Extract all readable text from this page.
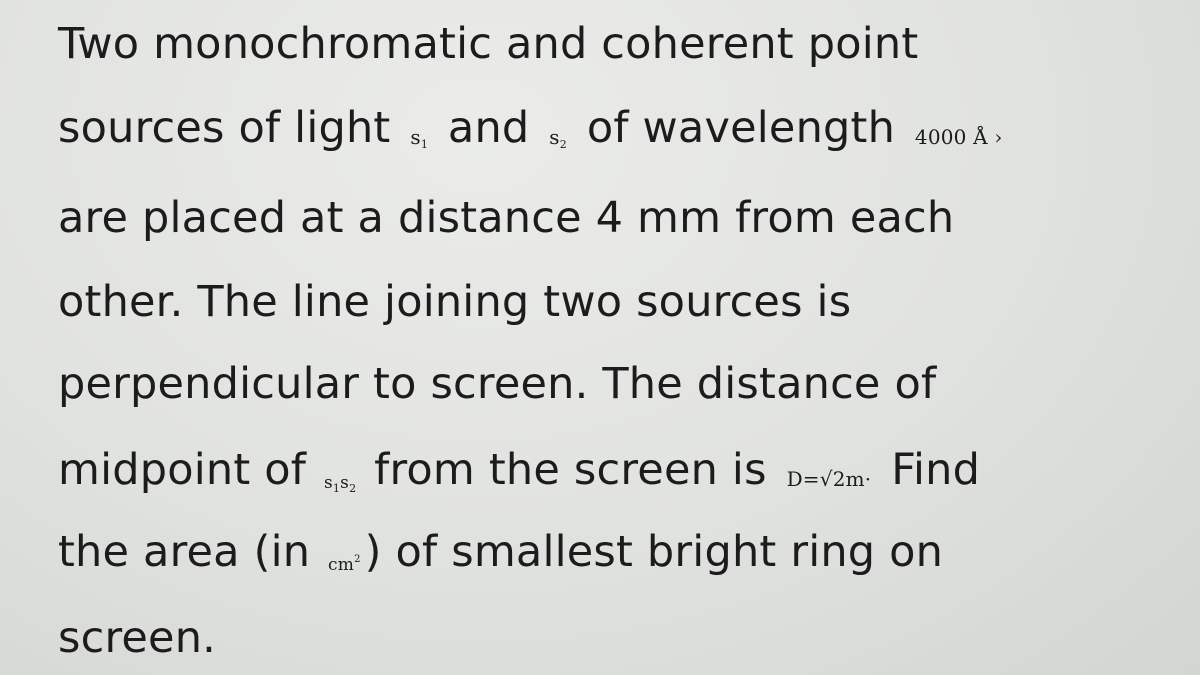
Two monochromatic and coherent point
sources of light $s_1$ and $s_2$ of wavelength 4000 Å ›
are placed at a distance 4 mm from each
other. The line joining two sources is
perpendicular to screen. The distance of
midpoint of $s_1s_2$ from the screen is D=√2m· Find
the area (in $cm^2$) of smallest bright ring on
screen.
